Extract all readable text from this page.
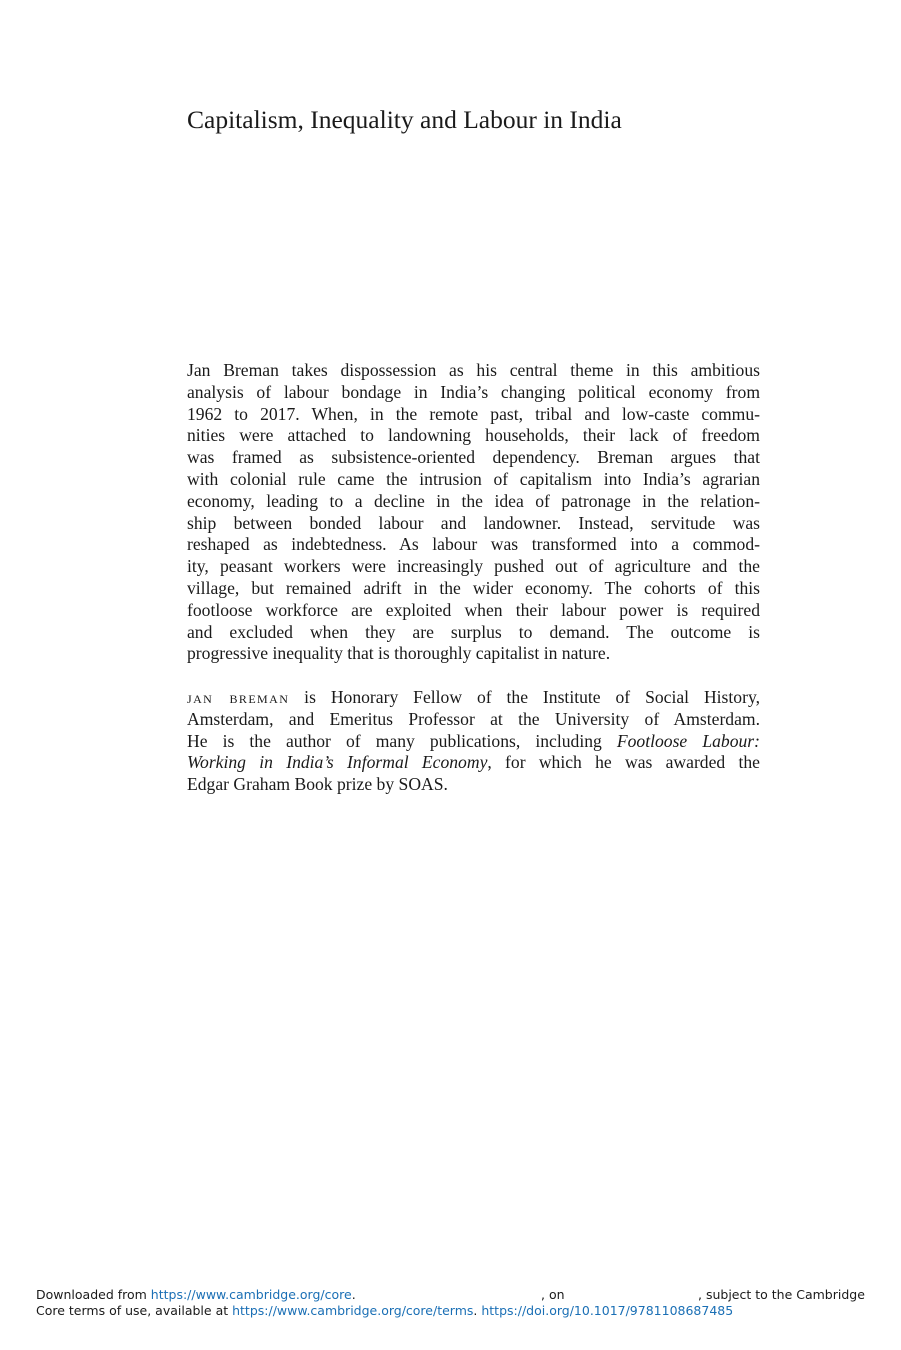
Capitalism, Inequality and Labour in India
Jan Breman takes dispossession as his central theme in this ambitious
analysis of labour bondage in India’s changing political economy from
1962 to 2017. When, in the remote past, tribal and low-caste commu-
nities were attached to landowning households, their lack of freedom
was framed as subsistence-oriented dependency. Breman argues that
with colonial rule came the intrusion of capitalism into India’s agrarian
economy, leading to a decline in the idea of patronage in the relation-
ship between bonded labour and landowner. Instead, servitude was
reshaped as indebtedness. As labour was transformed into a commod-
ity, peasant workers were increasingly pushed out of agriculture and the
village, but remained adrift in the wider economy. The cohorts of this
footloose workforce are exploited when their labour power is required
and excluded when they are surplus to demand. The outcome is
progressive inequality that is thoroughly capitalist in nature.
jan breman is Honorary Fellow of the Institute of Social History,
Amsterdam, and Emeritus Professor at the University of Amsterdam.
He is the author of many publications, including Footloose Labour:
Working in India’s Informal Economy, for which he was awarded the
Edgar Graham Book prize by SOAS.
Downloaded from https://www.cambridge.org/core.	, on	, subject to the Cambridge
Core terms of use, available at https://www.cambridge.org/core/terms. https://doi.org/10.1017/9781108687485
